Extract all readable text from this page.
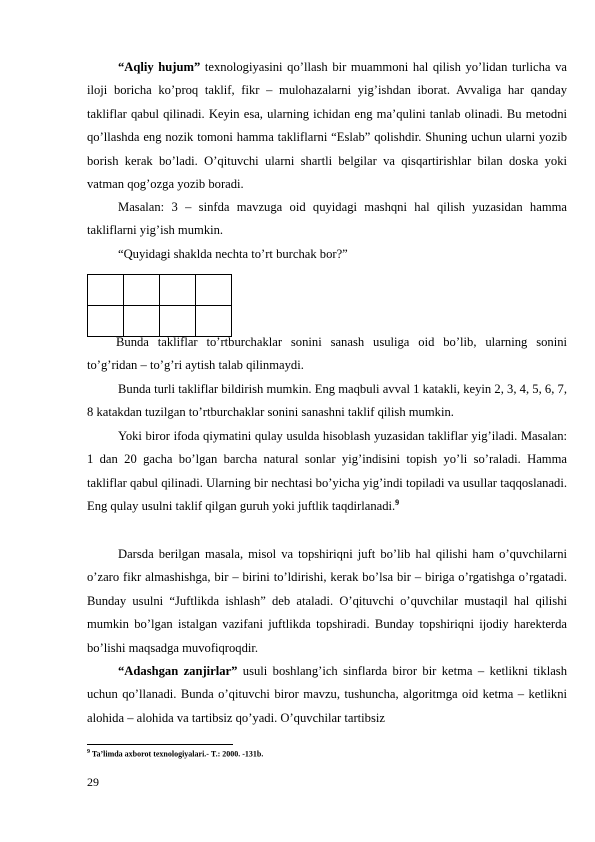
“Aqliy hujum” texnologiyasini qo’llash bir muammoni hal qilish yo’lidan turlicha va iloji boricha ko’proq taklif, fikr – mulohazalarni yig’ishdan iborat. Avvaliga har qanday takliflar qabul qilinadi. Keyin esa, ularning ichidan eng ma’qulini tanlab olinadi. Bu metodni qo’llashda eng nozik tomoni hamma takliflarni “Eslab” qolishdir. Shuning uchun ularni yozib borish kerak bo’ladi. O’qituvchi ularni shartli belgilar va qisqartirishlar bilan doska yoki vatman qog’ozga yozib boradi.

Masalan: 3 – sinfda mavzuga oid quyidagi mashqni hal qilish yuzasidan hamma takliflarni yig’ish mumkin.

“Quyidagi shaklda nechta to’rt burchak bor?”

Bunda takliflar to’rtburchaklar sonini sanash usuliga oid bo’lib, ularning sonini to’g’ridan – to’g’ri aytish talab qilinmaydi.

Bunda turli takliflar bildirish mumkin. Eng maqbuli avval 1 katakli, keyin 2, 3, 4, 5, 6, 7, 8 katakdan tuzilgan to’rtburchaklar sonini sanashni taklif qilish mumkin.

Yoki biror ifoda qiymatini qulay usulda hisoblash yuzasidan takliflar yig’iladi. Masalan: 1 dan 20 gacha bo’lgan barcha natural sonlar yig’indisini topish yo’li so’raladi. Hamma takliflar qabul qilinadi. Ularning bir nechtasi bo’yicha yig’indi topiladi va usullar taqqoslanadi. Eng qulay usulni taklif qilgan guruh yoki juftlik taqdirlanadi.$^9$

Darsda berilgan masala, misol va topshiriqni juft bo’lib hal qilishi ham o’quvchilarni o’zaro fikr almashishga, bir – birini to’ldirishi, kerak bo’lsa bir – biriga o’rgatishga o’rgatadi. Bunday usulni “Juftlikda ishlash” deb ataladi. O’qituvchi o’quvchilar mustaqil hal qilishi mumkin bo’lgan istalgan vazifani juftlikda topshiradi. Bunday topshiriqni ijodiy harekterda bo’lishi maqsadga muvofiqroqdir.

“Adashgan zanjirlar” usuli boshlang’ich sinflarda biror bir ketma – ketlikni tiklash uchun qo’llanadi. Bunda o’qituvchi biror mavzu, tushuncha, algoritmga oid ketma – ketlikni alohida – alohida va tartibsiz qo’yadi. O’quvchilar tartibsiz

$^9$ Ta’limda axborot texnologiyalari.- T.: 2000. -131b.
29
